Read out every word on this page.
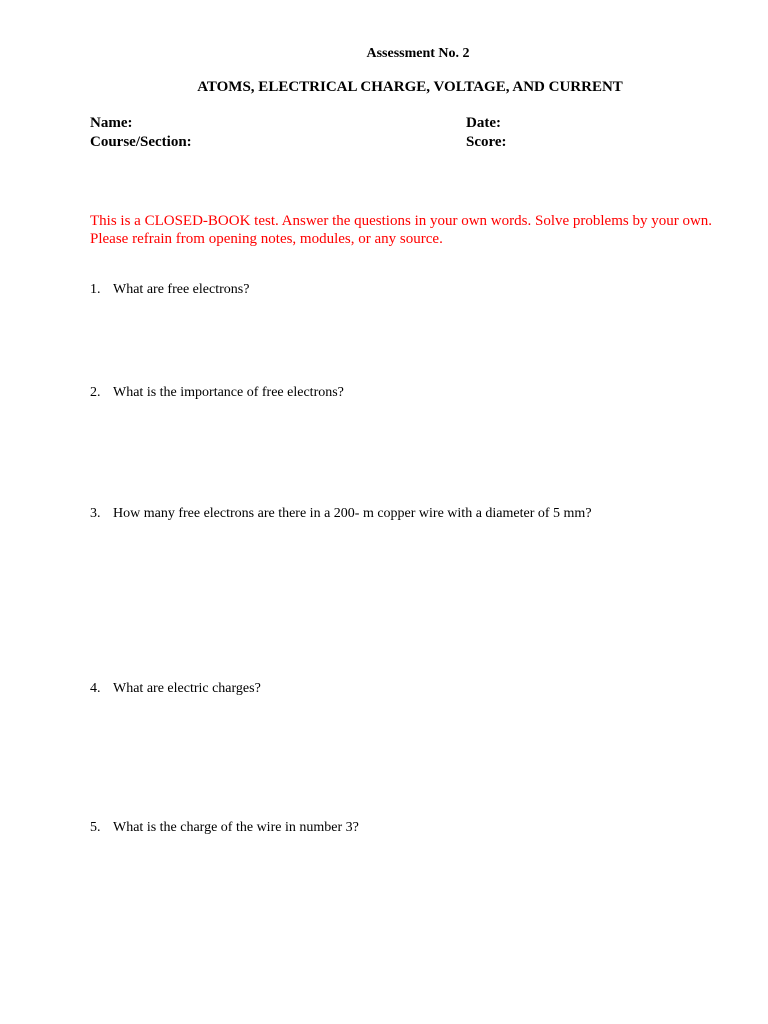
Assessment No. 2
ATOMS, ELECTRICAL CHARGE, VOLTAGE, AND CURRENT
Name:	Date:
Course/Section:	Score:
This is a CLOSED-BOOK test. Answer the questions in your own words. Solve problems by your own.
Please refrain from opening notes, modules, or any source.
1. What are free electrons?
2. What is the importance of free electrons?
3. How many free electrons are there in a 200- m copper wire with a diameter of 5 mm?
4. What are electric charges?
5. What is the charge of the wire in number 3?
